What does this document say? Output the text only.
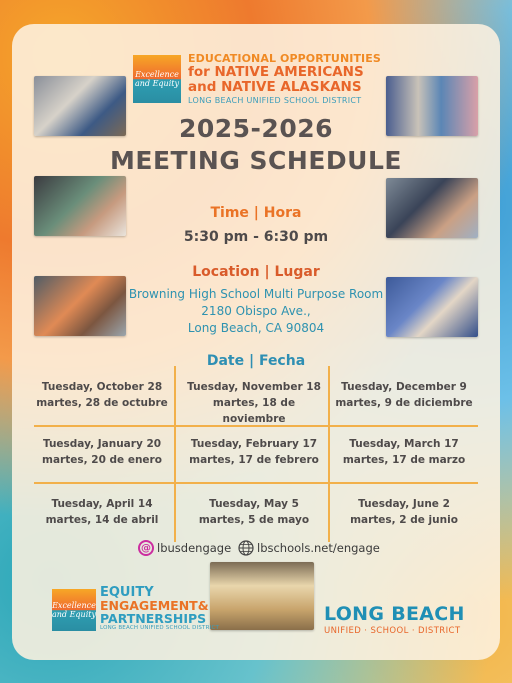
Excellence
and Equity
EDUCATIONAL OPPORTUNITIES
for NATIVE AMERICANS
and NATIVE ALASKANS
LONG BEACH UNIFIED SCHOOL DISTRICT
2025-2026
MEETING SCHEDULE
Time | Hora
5:30 pm - 6:30 pm
Location | Lugar
Browning High School Multi Purpose Room
2180 Obispo Ave.,
Long Beach, CA 90804
Date | Fecha
Tuesday, October 28
martes, 28 de octubre
Tuesday, November 18
martes, 18 de noviembre
Tuesday, December 9
martes, 9 de diciembre
Tuesday, January 20
martes, 20 de enero
Tuesday, February 17
martes, 17 de febrero
Tuesday, March 17
martes, 17 de marzo
Tuesday, April 14
martes, 14 de abril
Tuesday, May 5
martes, 5 de mayo
Tuesday, June 2
martes, 2 de junio
@ lbusdengage lbschools.net/engage
Excellence
and Equity
EQUITY
ENGAGEMENT&
PARTNERSHIPS
LONG BEACH UNIFIED SCHOOL DISTRICT
LONG BEACH
UNIFIED · SCHOOL · DISTRICT
